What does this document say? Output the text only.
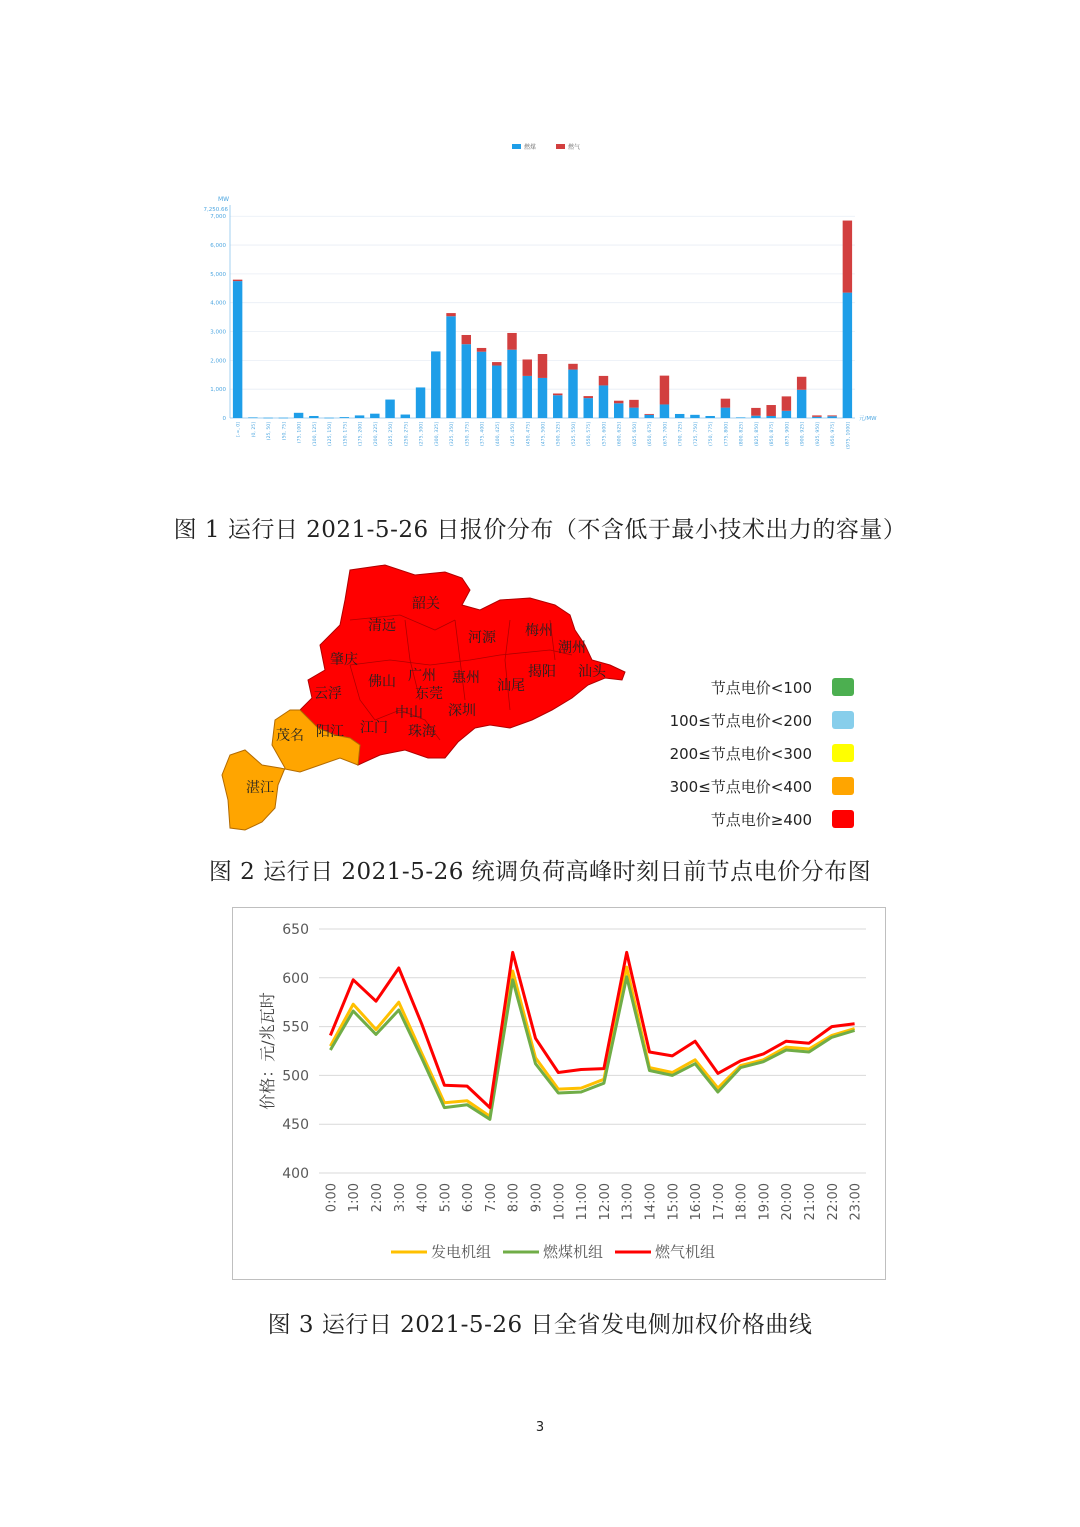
燃煤	燃气
MW
7,250.66
0
1,000
2,000
3,000
4,000
5,000
6,000
7,000
元/MW
[-∞, 0] (0, 25] (25, 50] (50, 75] (75, 100] (100, 125] (125, 150] (150, 175] (175, 200] (200, 225] (225, 250] (250, 275] (275, 300] (300, 325] (325, 350] (350, 375] (375, 400] (400, 425] (425, 450] (450, 475] (475, 500] (500, 525] (525, 550] (550, 575] (575, 600] (600, 625] (625, 650] (650, 675] (675, 700] (700, 725] (725, 750] (750, 775] (775, 800] (800, 825] (825, 850] (850, 875] (875, 900] (900, 925] (925, 950] (950, 975] (975, 1000]
图 1 运行日 2021-5-26 日报价分布（不含低于最小技术出力的容量）
韶关
清远
河源 梅州
潮州
肇庆
云浮
佛山 广州
东莞
惠州	揭阳 汕头
汕尾
中山 深圳
珠海
江门
茂名 阳江
湛江
节点电价<100
100≤节点电价<200
200≤节点电价<300
300≤节点电价<400
节点电价≥400
图 2 运行日 2021-5-26 统调负荷高峰时刻日前节点电价分布图
400
450
500
550
600
650
价格：元/兆瓦时
0:00 1:00 2:00 3:00 4:00 5:00 6:00 7:00 8:00 9:00 10:00 11:00 12:00 13:00 14:00 15:00 16:00 17:00 18:00 19:00 20:00 21:00 22:00 23:00
发电机组	燃煤机组	燃气机组
图 3 运行日 2021-5-26 日全省发电侧加权价格曲线
3
